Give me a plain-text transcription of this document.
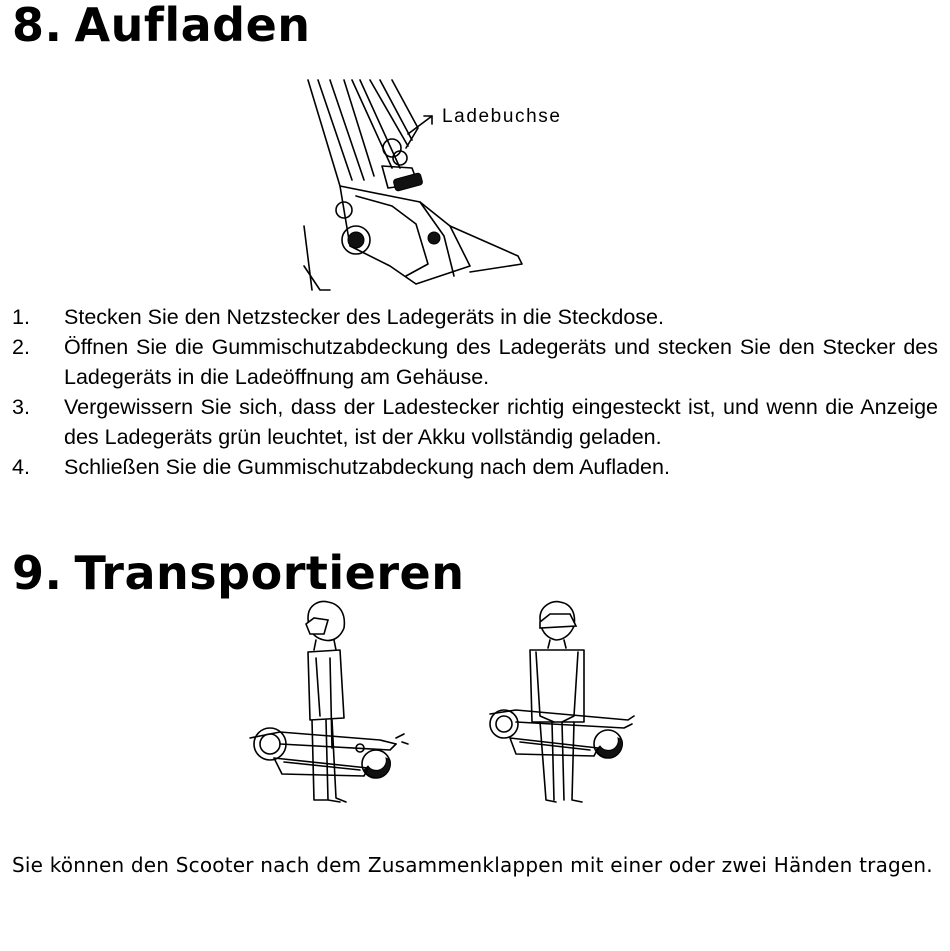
8. Aufladen
Ladebuchse
1. Stecken Sie den Netzstecker des Ladegeräts in die Steckdose.
2. Öffnen Sie die Gummischutzabdeckung des Ladegeräts und stecken Sie den Stecker des Ladegeräts in die Ladeöffnung am Gehäuse.
3. Vergewissern Sie sich, dass der Ladestecker richtig eingesteckt ist, und wenn die Anzeige des Ladegeräts grün leuchtet, ist der Akku vollständig geladen.
4. Schließen Sie die Gummischutzabdeckung nach dem Aufladen.
9. Transportieren

Sie können den Scooter nach dem Zusammenklappen mit einer oder zwei Händen tragen.
